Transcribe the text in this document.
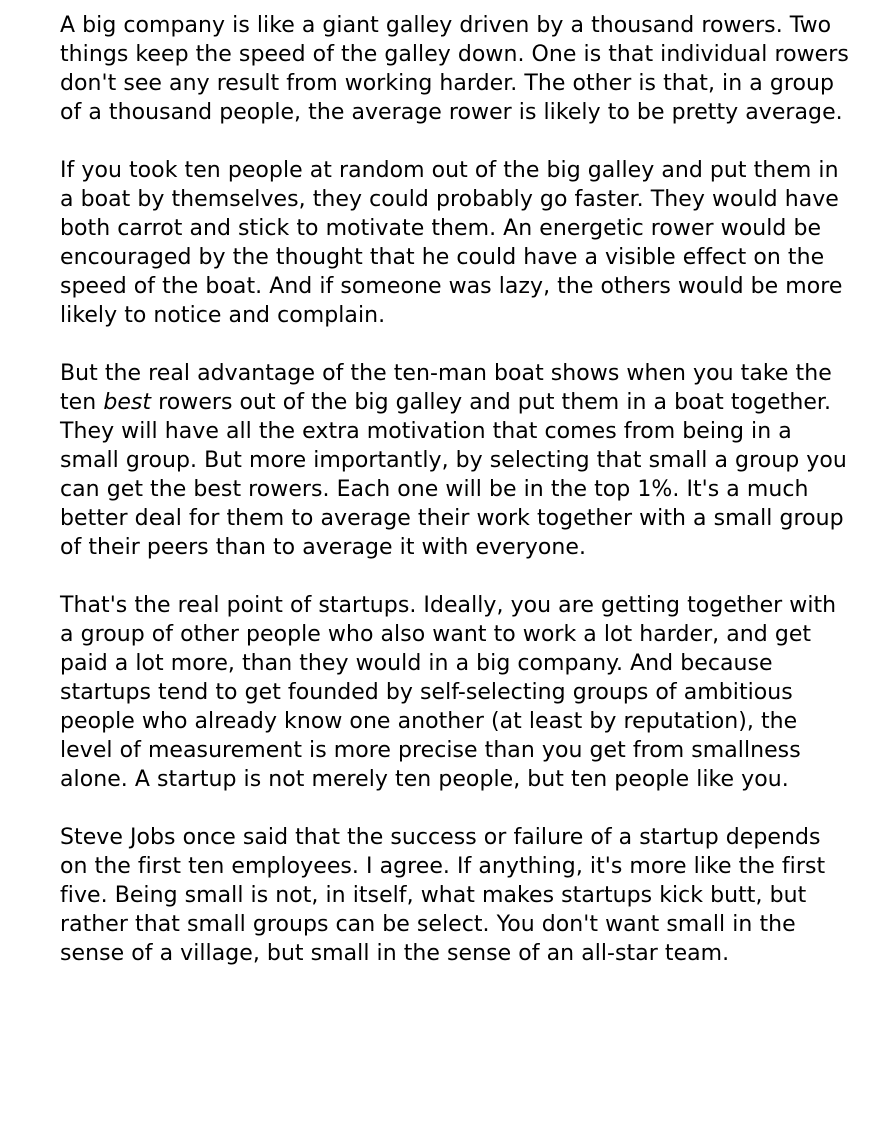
A big company is like a giant galley driven by a thousand rowers. Two things keep the speed of the galley down. One is that individual rowers don't see any result from working harder. The other is that, in a group of a thousand people, the average rower is likely to be pretty average.

If you took ten people at random out of the big galley and put them in a boat by themselves, they could probably go faster. They would have both carrot and stick to motivate them. An energetic rower would be encouraged by the thought that he could have a visible effect on the speed of the boat. And if someone was lazy, the others would be more likely to notice and complain.

But the real advantage of the ten-man boat shows when you take the ten best rowers out of the big galley and put them in a boat together. They will have all the extra motivation that comes from being in a small group. But more importantly, by selecting that small a group you can get the best rowers. Each one will be in the top 1%. It's a much better deal for them to average their work together with a small group of their peers than to average it with everyone.

That's the real point of startups. Ideally, you are getting together with a group of other people who also want to work a lot harder, and get paid a lot more, than they would in a big company. And because startups tend to get founded by self-selecting groups of ambitious people who already know one another (at least by reputation), the level of measurement is more precise than you get from smallness alone. A startup is not merely ten people, but ten people like you.

Steve Jobs once said that the success or failure of a startup depends on the first ten employees. I agree. If anything, it's more like the first five. Being small is not, in itself, what makes startups kick butt, but rather that small groups can be select. You don't want small in the sense of a village, but small in the sense of an all-star team.
